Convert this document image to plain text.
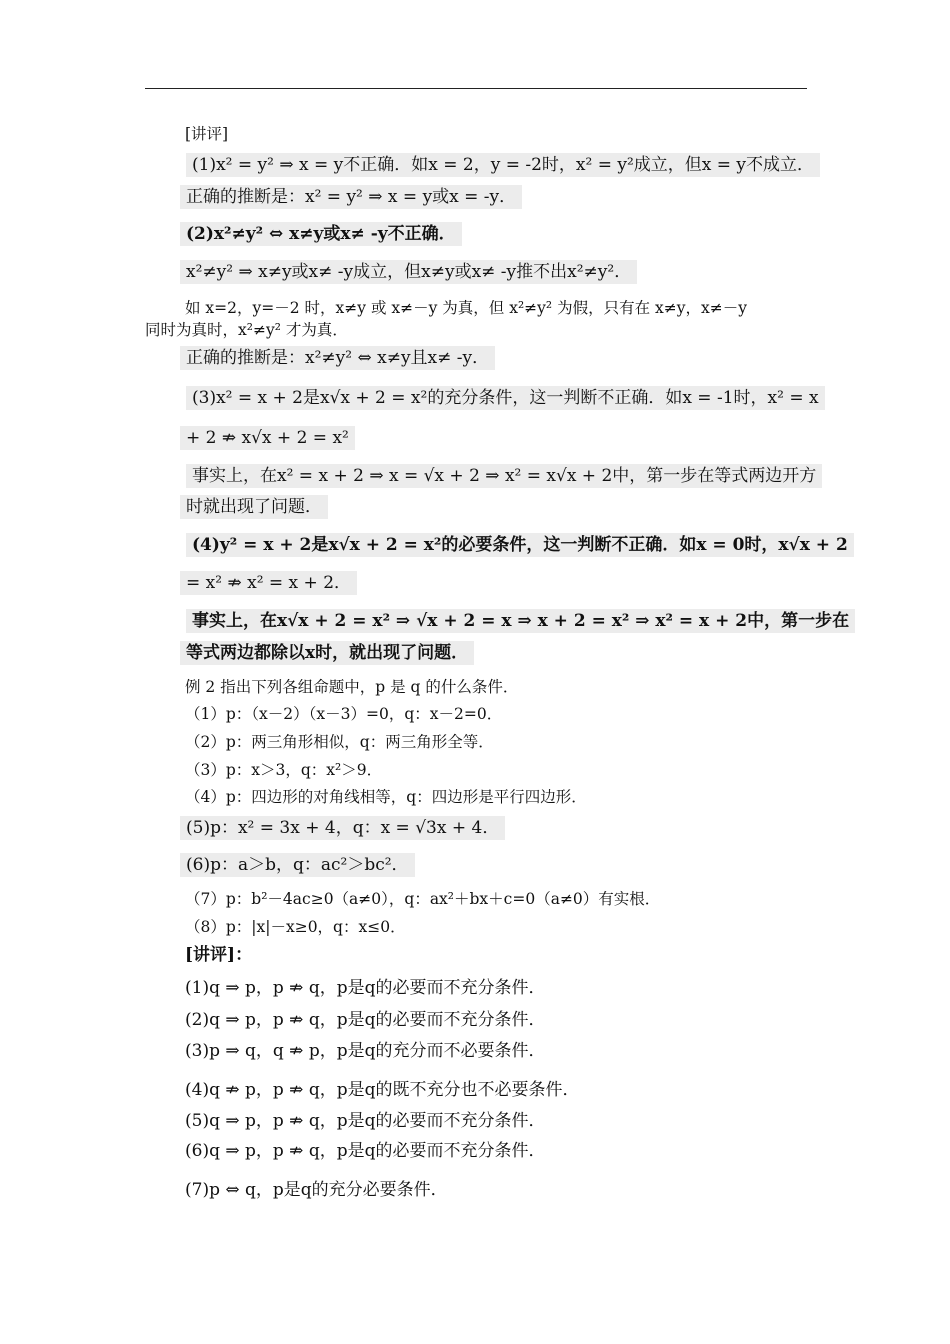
[讲评]
(1)x² = y² ⇒ x = y不正确．如x = 2，y = -2时，x² = y²成立，但x = y不成立．
正确的推断是：x² = y² ⇒ x = y或x = -y．
(2)x²≠y² ⇔ x≠y或x≠ -y不正确．
x²≠y² ⇒ x≠y或x≠ -y成立，但x≠y或x≠ -y推不出x²≠y²．
如 x=2，y=－2 时，x≠y 或 x≠－y 为真，但 x²≠y² 为假，只有在 x≠y，x≠－y
同时为真时，x²≠y² 才为真．
正确的推断是：x²≠y² ⇔ x≠y且x≠ -y．
(3)x² = x + 2是x√x + 2 = x²的充分条件，这一判断不正确．如x = -1时，x² = x
+ 2 ⇏ x√x + 2 = x²
事实上，在x² = x + 2 ⇒ x = √x + 2 ⇒ x² = x√x + 2中，第一步在等式两边开方
时就出现了问题．
(4)y² = x + 2是x√x + 2 = x²的必要条件，这一判断不正确．如x = 0时，x√x + 2
= x² ⇏ x² = x + 2．
事实上，在x√x + 2 = x² ⇒ √x + 2 = x ⇒ x + 2 = x² ⇒ x² = x + 2中，第一步在
等式两边都除以x时，就出现了问题．
例 2 指出下列各组命题中，p 是 q 的什么条件．
（1）p：（x－2）（x－3）=0，q：x－2=0．
（2）p：两三角形相似，q：两三角形全等．
（3）p：x＞3，q：x²＞9．
（4）p：四边形的对角线相等，q：四边形是平行四边形．
(5)p：x² = 3x + 4，q：x = √3x + 4．
(6)p：a＞b，q：ac²＞bc²．
（7）p：b²－4ac≥0（a≠0），q：ax²＋bx＋c=0（a≠0）有实根．
（8）p：|x|－x≥0，q：x≤0．
[讲评]：
(1)q ⇒ p，p ⇏ q，p是q的必要而不充分条件．
(2)q ⇒ p，p ⇏ q，p是q的必要而不充分条件．
(3)p ⇒ q，q ⇏ p，p是q的充分而不必要条件．
(4)q ⇏ p，p ⇏ q，p是q的既不充分也不必要条件．
(5)q ⇒ p，p ⇏ q，p是q的必要而不充分条件．
(6)q ⇒ p，p ⇏ q，p是q的必要而不充分条件．
(7)p ⇔ q，p是q的充分必要条件．
